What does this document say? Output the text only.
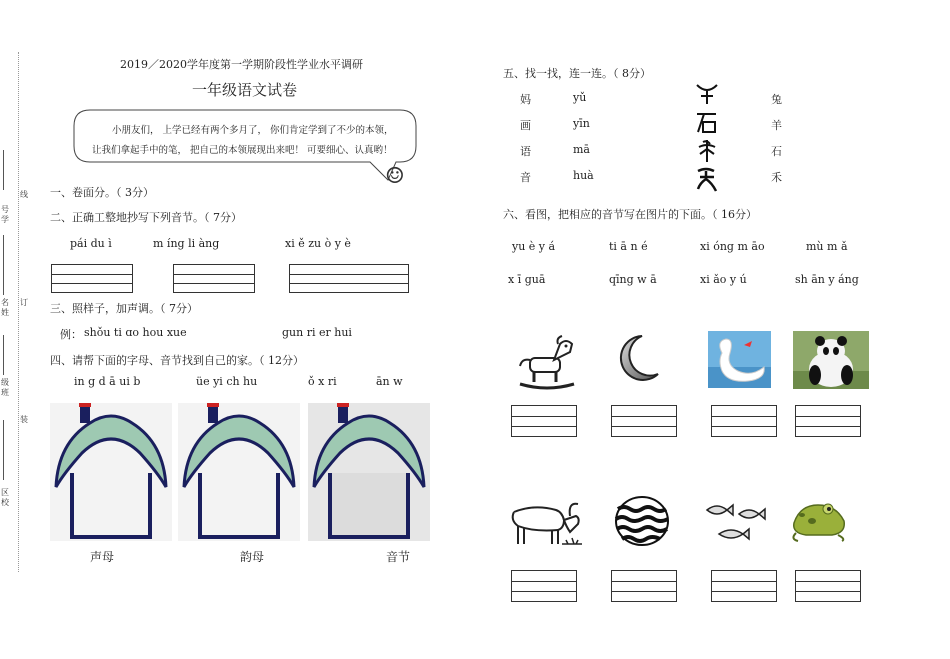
线
号
学
订
名
姓
级
班
装
区
校
2019／2020学年度第一学期阶段性学业水平调研
一年级语文试卷
小朋友们， 上学已经有两个多月了， 你们肯定学到了不少的本领，
让我们拿起手中的笔， 把自己的本领展现出来吧！ 可要细心、认真哟！
☺
一、卷面分。（ 3分）
二、正确工整地抄写下列音节。（ 7分）
pái du ì	m íng li àng	xi ě zu ò y è
三、照样子，加声调。（ 7分）
例： shǒu ti ɑo hou xue	gun ri er hui
四、请帮下面的字母、音节找到自己的家。（ 12分）
in g d ā ui b	üe yi ch hu	ǒ x ri	ān w
声母	韵母	音节
五、找一找，连一连。（ 8分）
妈
画
语
音
yǔ
yīn
mā
huà
兔
羊
石
禾
六、看图，把相应的音节写在图片的下面。（ 16分）
yu è y á	ti ā n é	xi óng m āo	mù m ǎ
x ī guā	qīng w ā	xi ǎo y ú	sh ān y áng
